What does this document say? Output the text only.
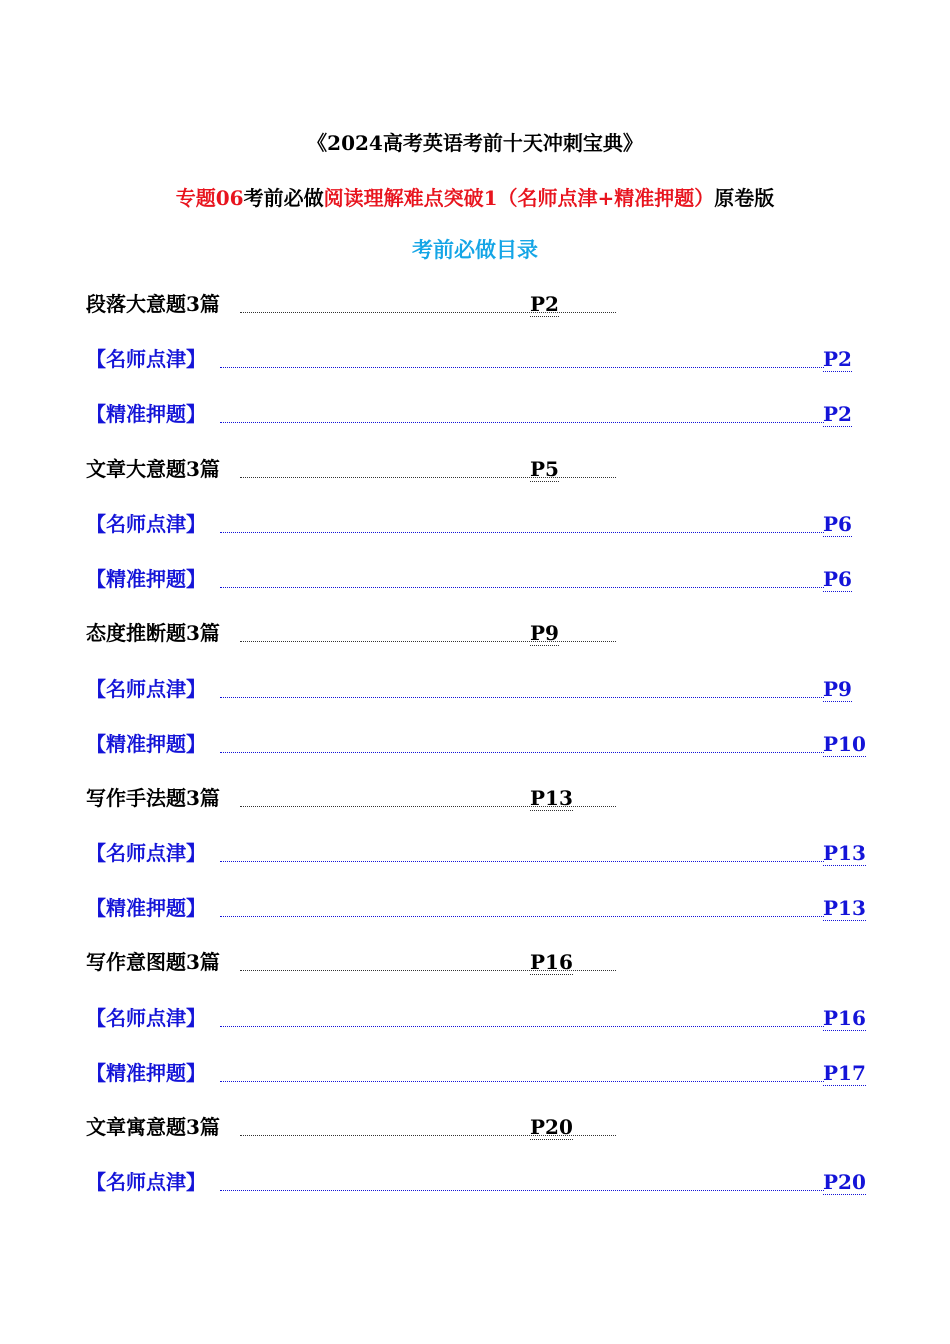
《2024高考英语考前十天冲刺宝典》
专题06考前必做阅读理解难点突破1（名师点津+精准押题）原卷版
考前必做目录
段落大意题3篇	P2
【名师点津】	P2
【精准押题】	P2
文章大意题3篇	P5
【名师点津】	P6
【精准押题】	P6
态度推断题3篇	P9
【名师点津】	P9
【精准押题】	P10
写作手法题3篇	P13
【名师点津】	P13
【精准押题】	P13
写作意图题3篇	P16
【名师点津】	P16
【精准押题】	P17
文章寓意题3篇	P20
【名师点津】	P20
